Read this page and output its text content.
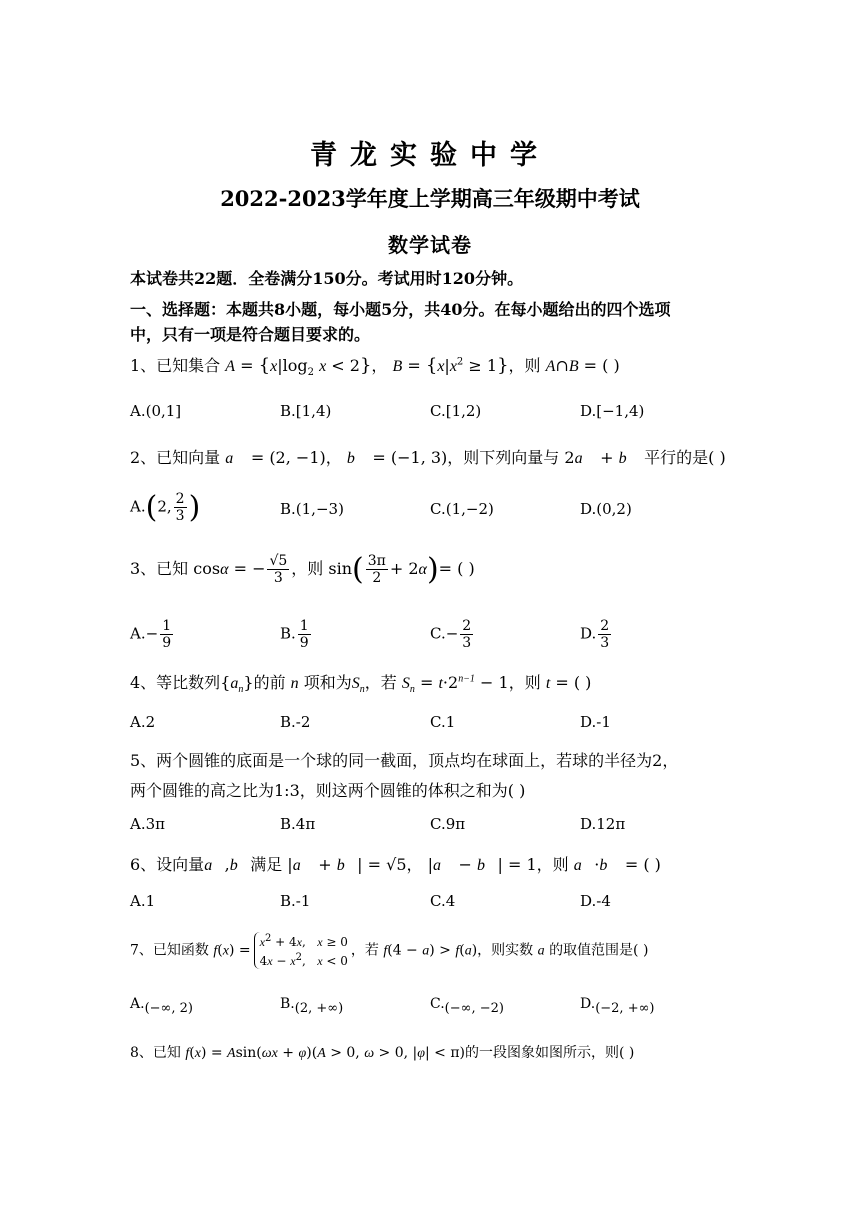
青龙实验中学
2022-2023学年度上学期高三年级期中考试
数学试卷
本试卷共22题．全卷满分150分。考试用时120分钟。
一、选择题：本题共8小题，每小题5分，共40分。在每小题给出的四个选项
中，只有一项是符合题目要求的。
1、已知集合 $A = \{x|\log_2$ x < 2}， $B = \{x|x^2 \ge 1\}$，则 A∩B = ( )
A.(0,1]	B.[1,4)	C.[1,2)	D.[−1,4)
2、已知向量 a⃗ = (2, −1)， b⃗ = (−1, 3)，则下列向量与 2a⃗ + b⃗ 平行的是( )
A.(2, $\frac{2}{3}$ )	B.(1,−3)	C.(1,−2)	D.(0,2)
3、已知 cosα = − $\frac{√5}{3}$ ，则 $\sin( \frac{3\pi}{2} + 2\alpha)=$ ( )
$A.- \frac{1}{9}$	B. $\frac{1}{9}$	$C.- \frac{2}{3}$	D. $\frac{2}{3}$
4、等比数列$\{a_n\}$的前 n 项和为$S_n$，若 $S_n = t\cdot 2^{n-1} - 1$，则 t = ( )
A.2	B.-2	C.1	D.-1
5、两个圆锥的底面是一个球的同一截面，顶点均在球面上，若球的半径为2，
两个圆锥的高之比为1:3，则这两个圆锥的体积之和为( )
A.3π	B.4π	C.9π	D.12π
6、设向量a⃗,b⃗满足 |a⃗ + b⃗| = √5， |a⃗ − b⃗| = 1，则 a⃗·b⃗ = ( )
A.1	B.-1	C.4	D.-4
7、已知函数 $f(x) =x^2 + 4x$,   x ≥ 0
$4x - x^2$,   x < 0，若 f(4 − a) > f(a)，则实数 a 的取值范围是( )
A.(−∞, 2)	B.(2, +∞)	C.(−∞, −2)	D.(−2, +∞)
8、已知 f(x) = Asin(ωx + φ)(A > 0, ω > 0, |φ| < π)的一段图象如图所示，则( )
